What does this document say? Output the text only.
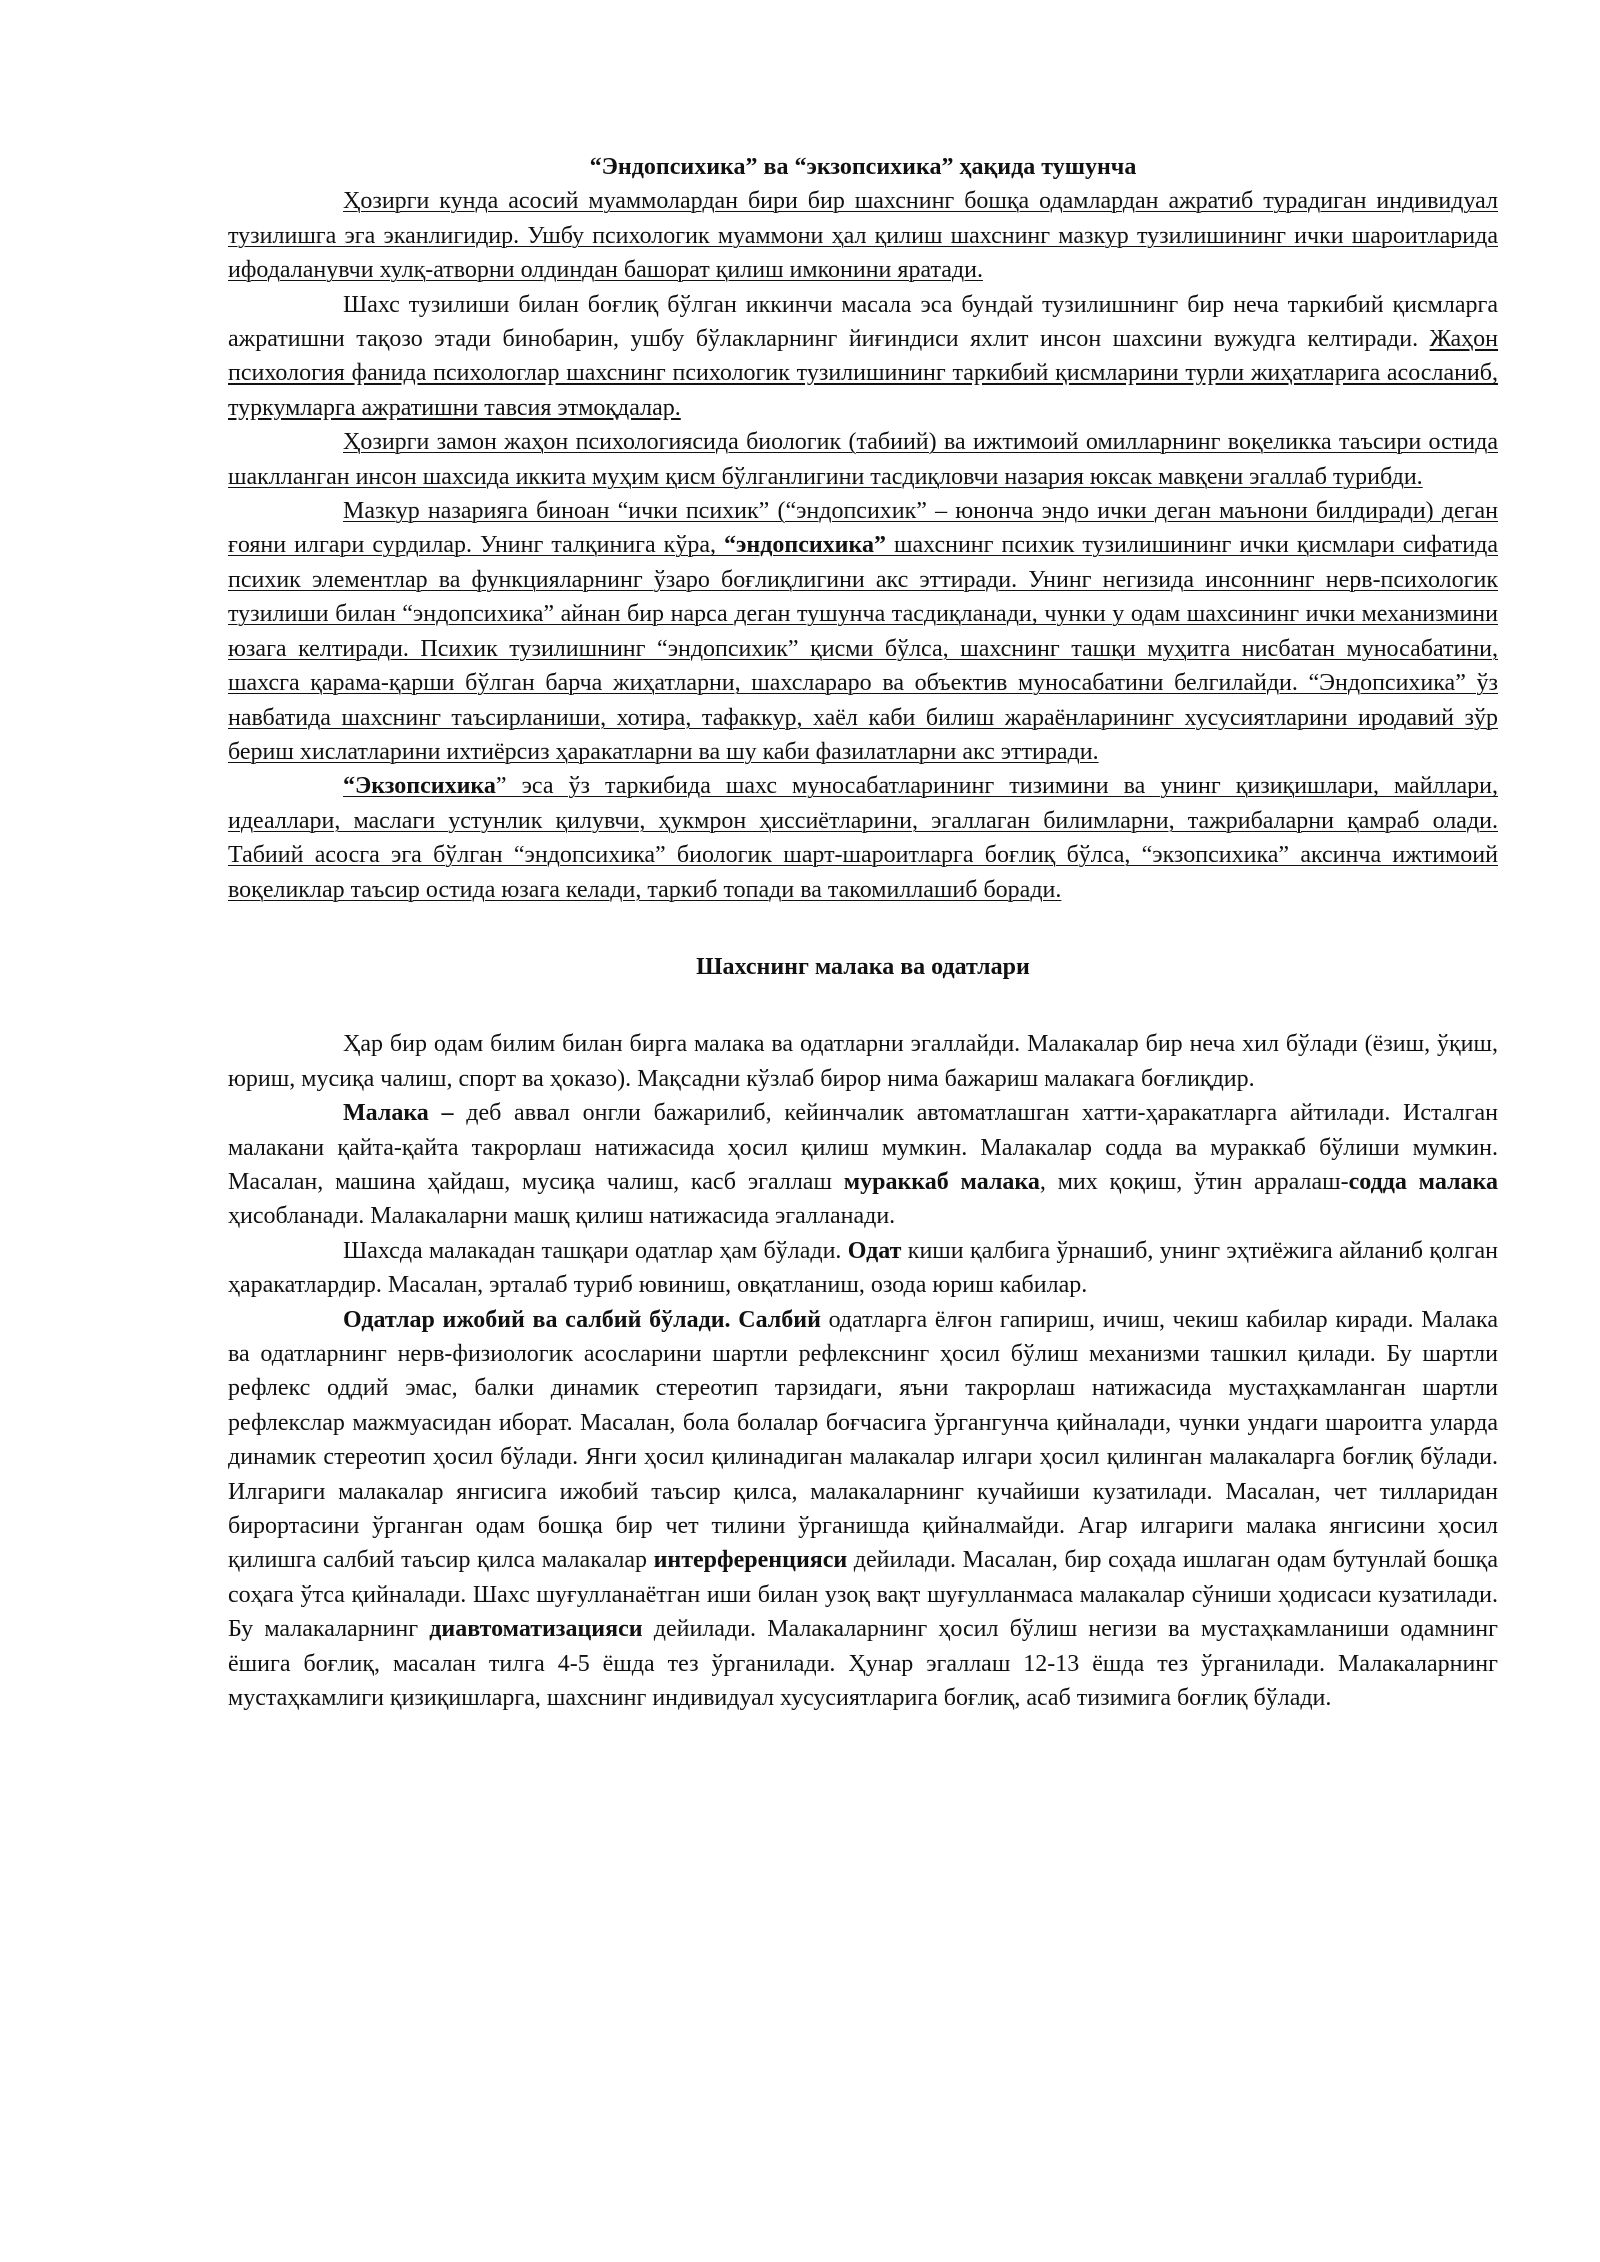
“Эндопсихика” ва “экзопсихика” ҳақида тушунча

Ҳозирги кунда асосий муаммолардан бири бир шахснинг бошқа одамлардан ажратиб турадиган индивидуал тузилишга эга эканлигидир. Ушбу психологик муаммони ҳал қилиш шахснинг мазкур тузилишининг ички шароитларида ифодаланувчи хулқ-атворни олдиндан башорат қилиш имконини яратади.

Шахс тузилиши билан боғлиқ бўлган иккинчи масала эса бундай тузилишнинг бир неча таркибий қисмларга ажратишни тақозо этади бинобарин, ушбу бўлакларнинг йиғиндиси яхлит инсон шахсини вужудга келтиради. Жаҳон психология фанида психологлар шахснинг психологик тузилишининг таркибий қисмларини турли жиҳатларига асосланиб, туркумларга ажратишни тавсия этмоқдалар.

Ҳозирги замон жаҳон психологиясида биологик (табиий) ва ижтимоий омилларнинг воқеликка таъсири остида шаклланган инсон шахсида иккита муҳим қисм бўлганлигини тасдиқловчи назария юксак мавқени эгаллаб турибди.

Мазкур назарияга биноан “ички психик” (“эндопсихик” – юнонча эндо ички деган маънони билдиради) деган ғояни илгари сурдилар. Унинг талқинига кўра, “эндопсихика” шахснинг психик тузилишининг ички қисмлари сифатида психик элементлар ва функцияларнинг ўзаро боғлиқлигини акс эттиради. Унинг негизида инсоннинг нерв-психологик тузилиши билан “эндопсихика” айнан бир нарса деган тушунча тасдиқланади, чунки у одам шахсининг ички механизмини юзага келтиради. Психик тузилишнинг “эндопсихик” қисми бўлса, шахснинг ташқи муҳитга нисбатан муносабатини, шахсга қарама-қарши бўлган барча жиҳатларни, шахсларaро ва объектив муносабатини белгилайди. “Эндопсихика” ўз навбатида шахснинг таъсирланиши, хотира, тафаккур, хаёл каби билиш жараёнларининг хусусиятларини иродавий зўр бериш хислатларини ихтиёрсиз ҳаракатларни ва шу каби фазилатларни акс эттиради.

“Экзопсихика” эса ўз таркибида шахс муносабатларининг тизимини ва унинг қизиқишлари, майллари, идеаллари, маслаги устунлик қилувчи, ҳукмрон ҳиссиётларини, эгаллаган билимларни, тажрибаларни қамраб олади. Табиий асосга эга бўлган “эндопсихика” биологик шарт-шароитларга боғлиқ бўлса, “экзопсихика” аксинча ижтимоий воқеликлар таъсир остида юзага келади, таркиб топади ва такомиллашиб боради.

Шахснинг малака ва одатлари

Ҳар бир одам билим билан бирга малака ва одатларни эгаллайди. Малакалар бир неча хил бўлади (ёзиш, ўқиш, юриш, мусиқа чалиш, спорт ва ҳоказо). Мақсадни кўзлаб бирор нима бажариш малакага боғлиқдир.

Малака – деб аввал онгли бажарилиб, кейинчалик автоматлашган хатти-ҳаракатларга айтилади. Исталган малакани қайта-қайта такрорлаш натижасида ҳосил қилиш мумкин. Малакалар содда ва мураккаб бўлиши мумкин. Масалан, машина ҳайдаш, мусиқа чалиш, касб эгаллаш мураккаб малака, мих қоқиш, ўтин арралаш-содда малака ҳисобланади. Малакаларни машқ қилиш натижасида эгалланади.

Шахсда малакадан ташқари одатлар ҳам бўлади. Одат киши қалбига ўрнашиб, унинг эҳтиёжига айланиб қолган ҳаракатлардир. Масалан, эрталаб туриб ювиниш, овқатланиш, озода юриш кабилар.

Одатлар ижобий ва салбий бўлади. Салбий одатларга ёлғон гапириш, ичиш, чекиш кабилар киради. Малака ва одатларнинг нерв-физиологик асосларини шартли рефлекснинг ҳосил бўлиш механизми ташкил қилади. Бу шартли рефлекс оддий эмас, балки динамик стереотип тарзидаги, яъни такрорлаш натижасида мустаҳкамланган шартли рефлекслар мажмуасидан иборат. Масалан, бола болалар боғчасига ўргангунча қийналади, чунки ундаги шароитга уларда динамик стереотип ҳосил бўлади. Янги ҳосил қилинадиган малакалар илгари ҳосил қилинган малакаларга боғлиқ бўлади. Илгариги малакалар янгисига ижобий таъсир қилса, малакаларнинг кучайиши кузатилади. Масалан, чет тилларидан бирортасини ўрганган одам бошқа бир чет тилини ўрганишда қийналмайди. Агар илгариги малака янгисини ҳосил қилишга салбий таъсир қилса малакалар интерференцияси дейилади. Масалан, бир соҳада ишлаган одам бутунлай бошқа соҳага ўтса қийналади. Шахс шуғулланаётган иши билан узоқ вақт шуғулланмаса малакалар сўниши ҳодисаси кузатилади. Бу малакаларнинг диавтоматизацияси дейилади. Малакаларнинг ҳосил бўлиш негизи ва мустаҳкамланиши одамнинг ёшига боғлиқ, масалан тилга 4-5 ёшда тез ўрганилади. Ҳунар эгаллаш 12-13 ёшда тез ўрганилади. Малакаларнинг мустаҳкамлиги қизиқишларга, шахснинг индивидуал хусусиятларига боғлиқ, асаб тизимига боғлиқ бўлади.
